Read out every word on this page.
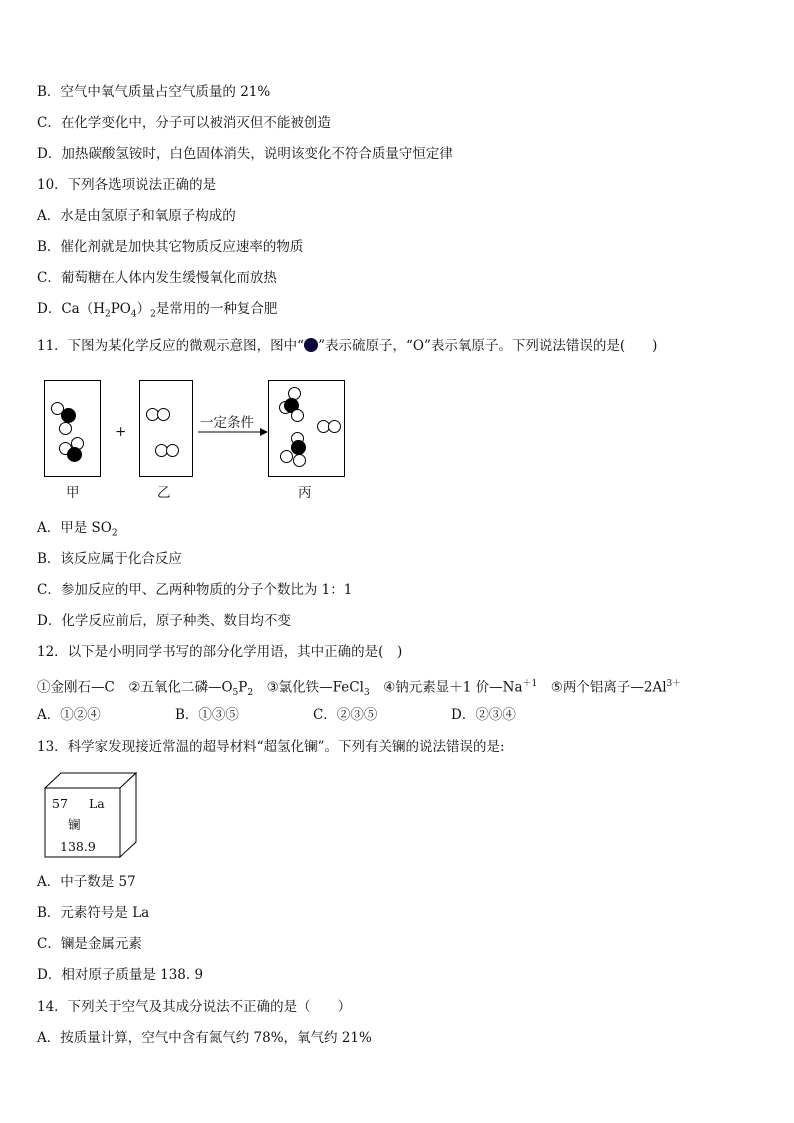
B．空气中氧气质量占空气质量的 21%
C．在化学变化中，分子可以被消灭但不能被创造
D．加热碳酸氢铵时，白色固体消失，说明该变化不符合质量守恒定律
10．下列各选项说法正确的是
A．水是由氢原子和氧原子构成的
B．催化剂就是加快其它物质反应速率的物质
C．葡萄糖在人体内发生缓慢氧化而放热
D．$Ca(H_2PO_4)_2$是常用的一种复合肥
11．下图为某化学反应的微观示意图，图中“ ”表示硫原子，“O”表示氧原子。下列说法错误的是(　　)
甲
+
乙
一定条件
丙
A．甲是 $SO_2$
B．该反应属于化合反应
C．参加反应的甲、乙两种物质的分子个数比为 1：1
D．化学反应前后，原子种类、数目均不变
12．以下是小明同学书写的部分化学用语，其中正确的是(　)
①金刚石—C  ②五氧化二磷$—O_5P_2$  ③氯化铁—FeCl$_3$  ④钠元素显＋1 价$—Na^{+1}$  ⑤两个铝离子$—2Al^{3+}$
A．①②④	B．①③⑤	C．②③⑤	D．②③④
13．科学家发现接近常温的超导材料“超氢化镧”。下列有关镧的说法错误的是:
57 La
镧
138.9
A．中子数是 57
B．元素符号是 La
C．镧是金属元素
D．相对原子质量是 138. 9
14．下列关于空气及其成分说法不正确的是（　　）
A．按质量计算，空气中含有氮气约 78%，氧气约 21%
